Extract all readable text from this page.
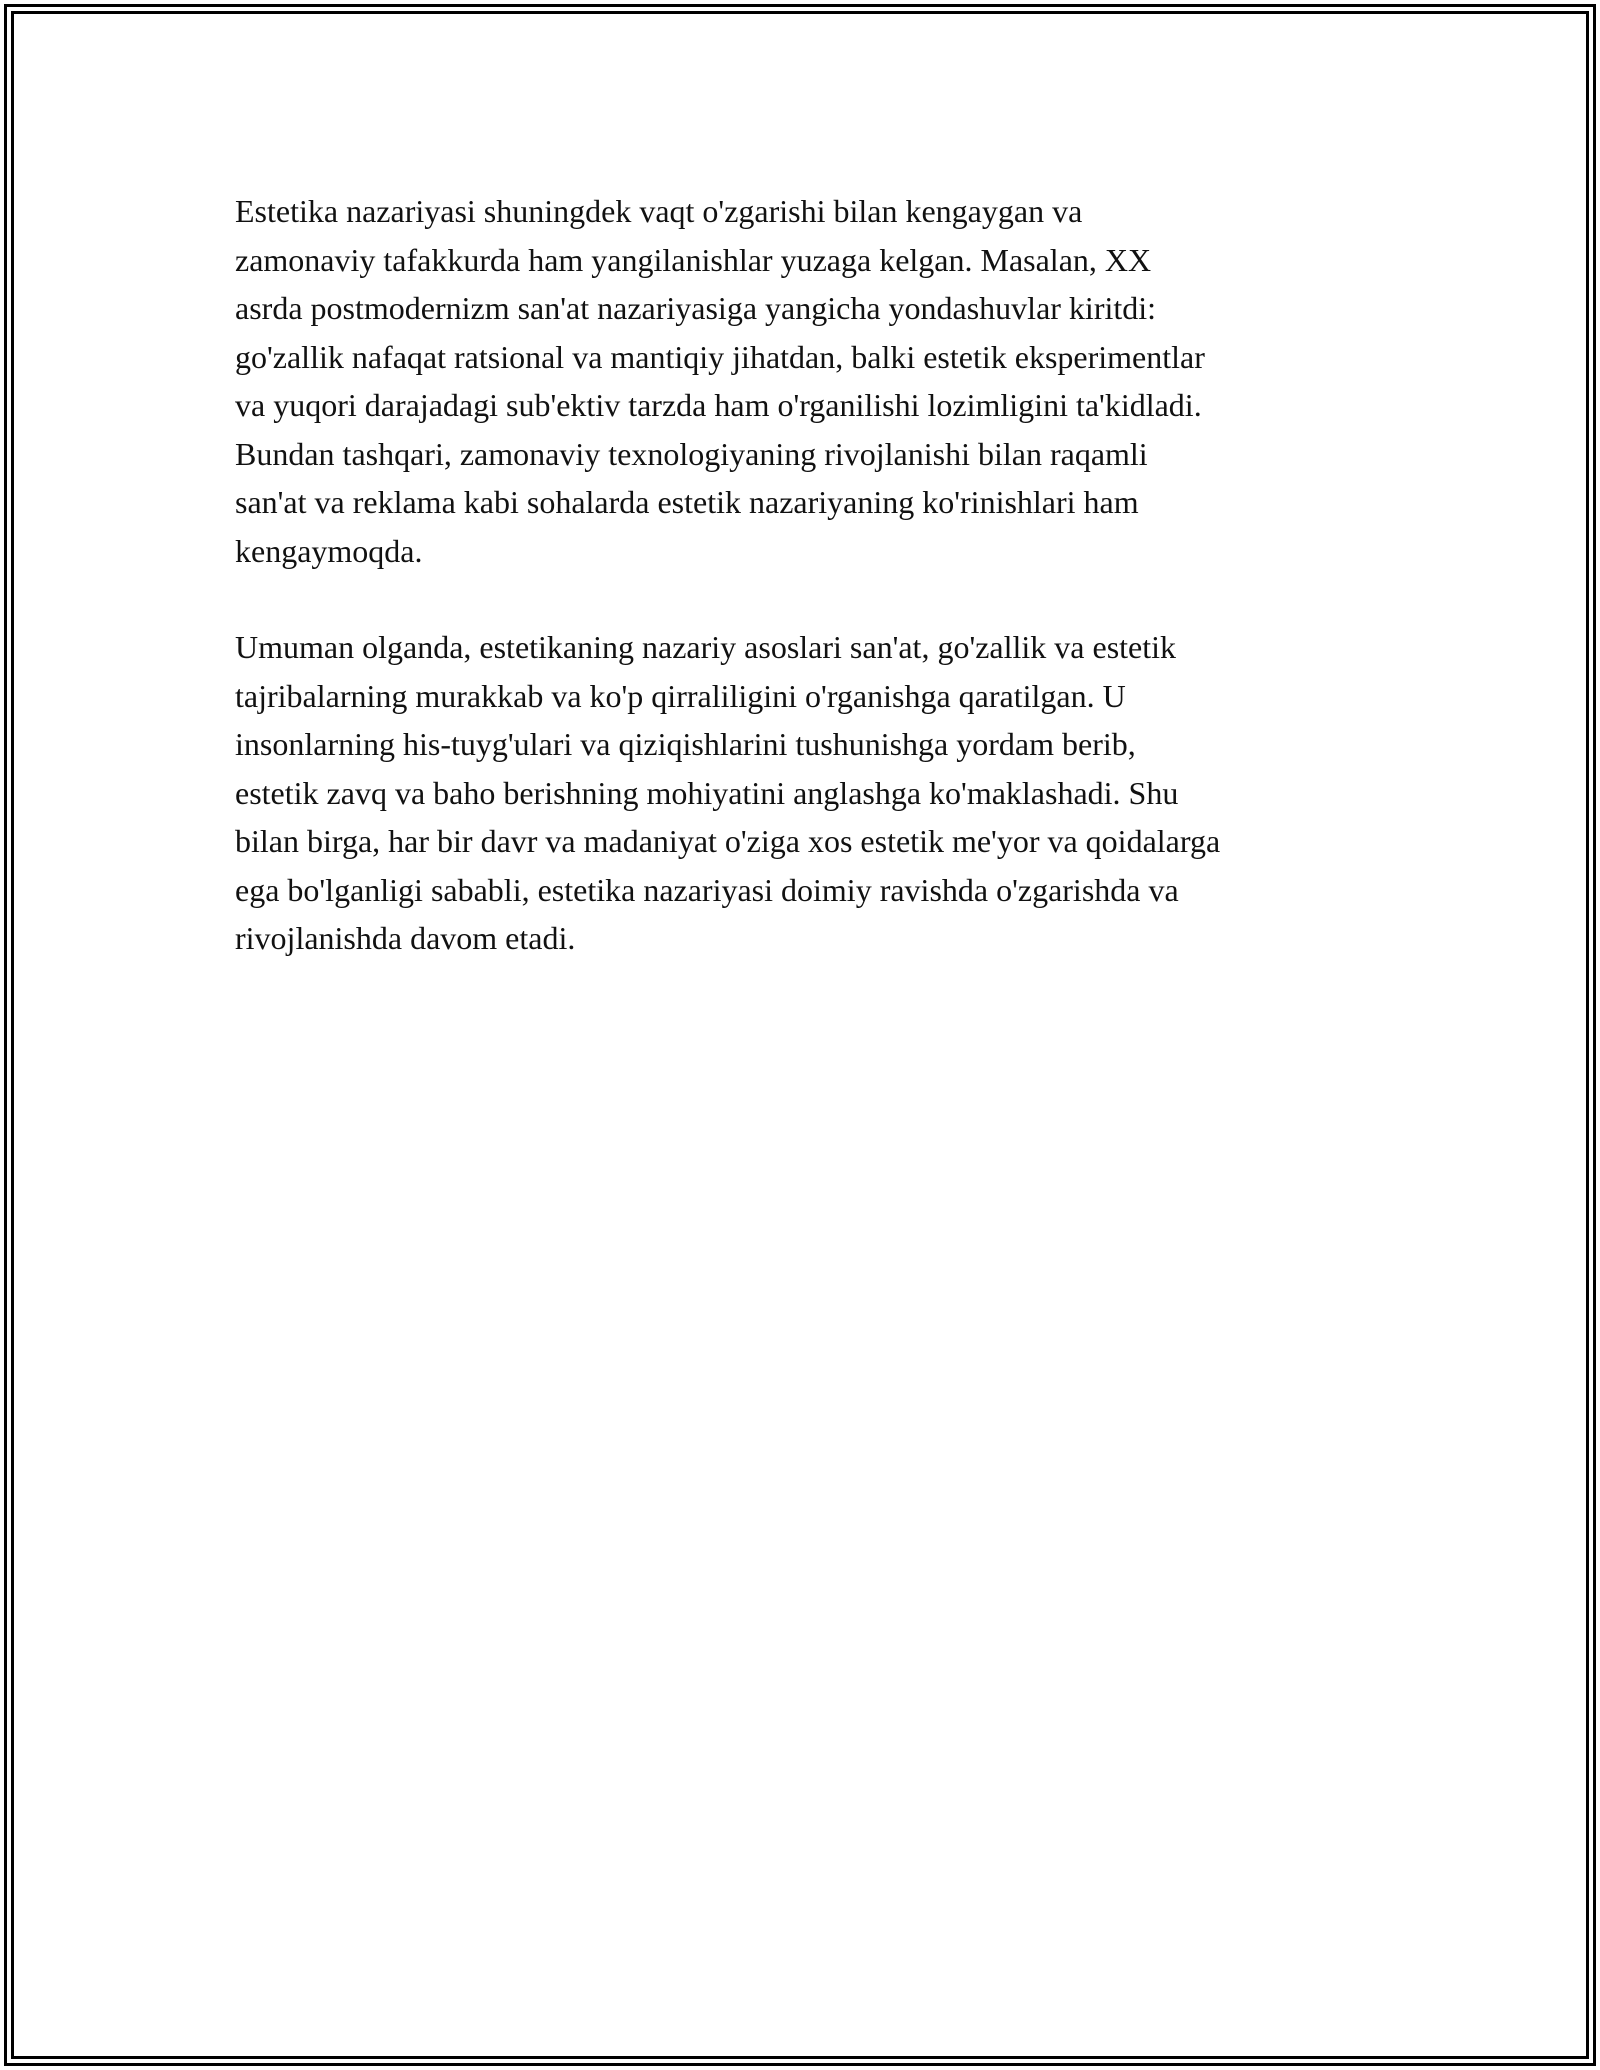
Estetika nazariyasi shuningdek vaqt o'zgarishi bilan kengaygan va
zamonaviy tafakkurda ham yangilanishlar yuzaga kelgan. Masalan, XX
asrda postmodernizm san'at nazariyasiga yangicha yondashuvlar kiritdi:
go'zallik nafaqat ratsional va mantiqiy jihatdan, balki estetik eksperimentlar
va yuqori darajadagi sub'ektiv tarzda ham o'rganilishi lozimligini ta'kidladi.
Bundan tashqari, zamonaviy texnologiyaning rivojlanishi bilan raqamli
san'at va reklama kabi sohalarda estetik nazariyaning ko'rinishlari ham
kengaymoqda.

Umuman olganda, estetikaning nazariy asoslari san'at, go'zallik va estetik
tajribalarning murakkab va ko'p qirraliligini o'rganishga qaratilgan. U
insonlarning his-tuyg'ulari va qiziqishlarini tushunishga yordam berib,
estetik zavq va baho berishning mohiyatini anglashga ko'maklashadi. Shu
bilan birga, har bir davr va madaniyat o'ziga xos estetik me'yor va qoidalarga
ega bo'lganligi sababli, estetika nazariyasi doimiy ravishda o'zgarishda va
rivojlanishda davom etadi.
